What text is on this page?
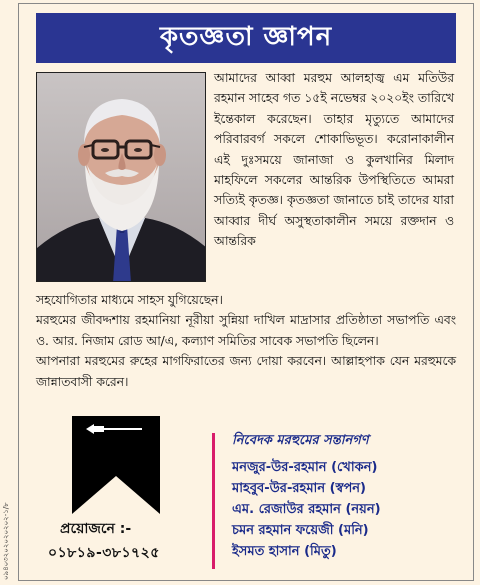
০৯৪০৩২০২০২০২০২-১/৮
কৃতজ্ঞতা জ্ঞাপন
আমাদের আব্বা মরহুম আলহাজ্ব এম মতিউর রহমান সাহেব গত ১৫ই নভেম্বর ২০২০ইং তারিখে ইন্তেকাল করেছেন। তাহার মৃত্যুতে আমাদের পরিবারবর্গ সকলে শোকাভিভূত। করোনাকালীন এই দুঃসময়ে জানাজা ও কুলখানির মিলাদ মাহফিলে সকলের আন্তরিক উপস্থিতিতে আমরা সত্যিই কৃতজ্ঞ। কৃতজ্ঞতা জানাতে চাই তাদের যারা আব্বার দীর্ঘ অসুস্থতাকালীন সময়ে রক্তদান ও আন্তরিক

সহযোগিতার মাধ্যমে সাহস যুগিয়েছেন।

মরহুমের জীবদ্দশায় রহমানিয়া নূরীয়া সুন্নিয়া দাখিল মাদ্রাসার প্রতিষ্ঠাতা সভাপতি এবং ও. আর. নিজাম রোড আ/এ, কল্যাণ সমিতির সাবেক সভাপতি ছিলেন।

আপনারা মরহুমের রুহের মাগফিরাতের জন্য দোয়া করবেন। আল্লাহপাক যেন মরহুমকে জান্নাতবাসী করেন।

প্রয়োজনে :-
০১৮১৯-৩৮১৭২৫
নিবেদক মরহুমের সন্তানগণ
মনজুর-উর-রহমান (খোকন)
মাহবুব-উর-রহমান (স্বপন)
এম. রেজাউর রহমান (নয়ন)
চমন রহমান ফয়েজী (মনি)
ইসমত হাসান (মিতু)
